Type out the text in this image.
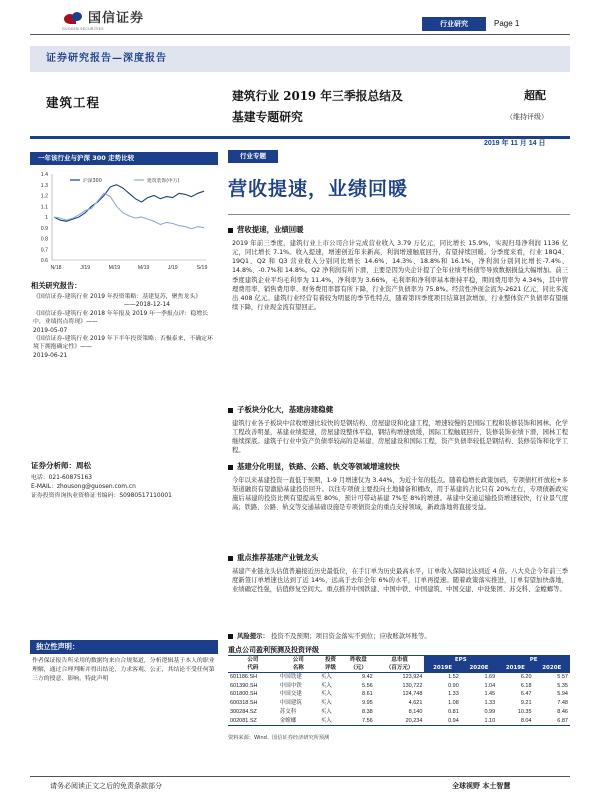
国信证券
GUOSEN SECURITIES
行业研究	Page 1
证券研究报告—深度报告
建筑工程	建筑行业 2019 年三季报总结及
基建专题研究
超配
（维持评级）
2019 年 11 月 14 日
一年该行业与沪深 300 走势比较
1.4
1.3
1.2
1.1
1
0.9
0.8
0.7
0.6
N/18	J/19	M/19	M/19	J/19	S/19
沪深300	建筑装饰(申万)
相关研究报告：
《国信证券-建筑行业 2019 年投资策略：基建复苏，聚焦龙头》
——2018-12-14
《国信证券-建筑行业 2018 年年报及 2019 年一季报点评：稳增长中，业绩拐点将现》——
2019-05-07
《国信证券-建筑行业 2019 年下半年投资策略：否极泰来，不确定环境下拥抱确定性》——
2019-06-21
证券分析师：周松
电话：021-60875163
E-MAIL：zhousong@guosen.com.cn
证券投资咨询执业资格证书编码：S0980517110001
独立性声明：
作者保证报告所采用的数据均来自合规渠道，分析逻辑基于本人的职业理解，通过合理判断并得出结论，力求客观、公正，其结论不受任何第三方的授意、影响，特此声明
行业专题
营收提速，业绩回暖
营收提速，业绩回暖
2019 年前三季度，建筑行业上市公司合计完成营业收入 3.79 万亿元，同比增长 15.9%，实现归母净利润 1136 亿元，同比增长 7.1%。收入提速，增速创近年来新高，利润增速触底回升，有望持续回暖。分季度来看，行业 18Q4、19Q1、Q2 和 Q3 营业收入分别同比增长 14.6%、14.3%、18.8%和 16.1%，净利润分别同比增长-7.4%、14.8%、-0.7%和 14.8%。Q2 净利润有所下滑，主要是因为央企计提了全年业绩考核债等导致数据损益大幅增加。前三季度建筑企业平均毛利率为 11.4%，净利率为 3.66%，毛利率和净利率基本维持平稳，期间费用率为 4.34%，其中管理费用率、销售费用率、财务费用率都有所下降，行业资产负债率为 75.8%。经营性净现金流为-2621 亿元，同比多流出 408 亿元。建筑行业经营有着较为明显的季节性特点，随着第四季度项目结算回款增加，行业整体资产负债率有望继续下降，行业现金流有望回正。
子板块分化大，基建房建稳健
建筑行业各子板块中营收增速比较快的是钢结构、房屋建设和化建工程，增速较慢的是国际工程和装修装饰和园林。化学工程改善明显，基建业绩提速，房屋建设整体平稳，钢结构增速放缓，国际工程触底回升，装修装饰业绩下滑，园林工程继续探底。建筑子行业中资产负债率较高的是基建、房屋建设和国际工程，资产负债率较低是钢结构、装修装饰和化学工程。
基建分化明显，铁路、公路、轨交等领域增速较快
今年以来基建投资一直低于预期，1-9 月增速仅为 3.44%，为近十年的低点。随着稳增长政策加码，专项债杠杆放松+多渠道融资有望激励基建投资回升。以往专项债主要投向土地储备和棚改，用于基建的占比只有 20%左右，专项债新政实施后基建的投资比例有望提高至 80%，预计可带动基建 7%至 8%的增速。基建中交通运输投资增速较快，行业景气度高；铁路、公路、轨交等交通基础设施是专项债资金的重点支持领域，新政落地将直接受益。
重点推荐基建产业链龙头
基建产业链龙头估值普遍接近历史最低位，在手订单为历史最高水平，订单收入保障比达到近 4 倍。八大央企今年前三季度新签订单增速也达到了近 14%，远高于去年全年 6%的水平，订单再提速。随着政策落实推进，订单有望加快落地，业绩确定性强，估值修复空间大。重点推荐中国铁建、中国中铁、中国建筑、中国交建、中设集团、苏交科、金螳螂等。
风险提示： 投资不及预期；项目资金落实不到位；应收账款坏账等。
重点公司盈利预测及投资评级
公司	公司	投资	昨收盘	总市值	EPS		PE	
代码	名称	评级	（元）	（百万元）	2019E	2020E	2019E	2020E
601186.SH	中国铁建	买入	9.42	123,924	1.52	1.69	6.20	5.57
601390.SH	中国中铁	买入	5.56	130,722	0.90	1.04	6.18	5.35
601800.SH	中国交建	买入	8.61	124,748	1.33	1.45	6.47	5.94
600318.SH	中国建筑	买入	9.95	4,621	1.08	1.33	9.21	7.48
300284.SZ	苏交科	买入	8.38	8,140	0.81	0.99	10.35	8.46
002081.SZ	金螳螂	买入	7.56	20,234	0.94	1.10	8.04	6.87
资料来源：Wind、国信证券经济研究所预测
请务必阅读正文之后的免责条款部分	全球视野 本土智慧
